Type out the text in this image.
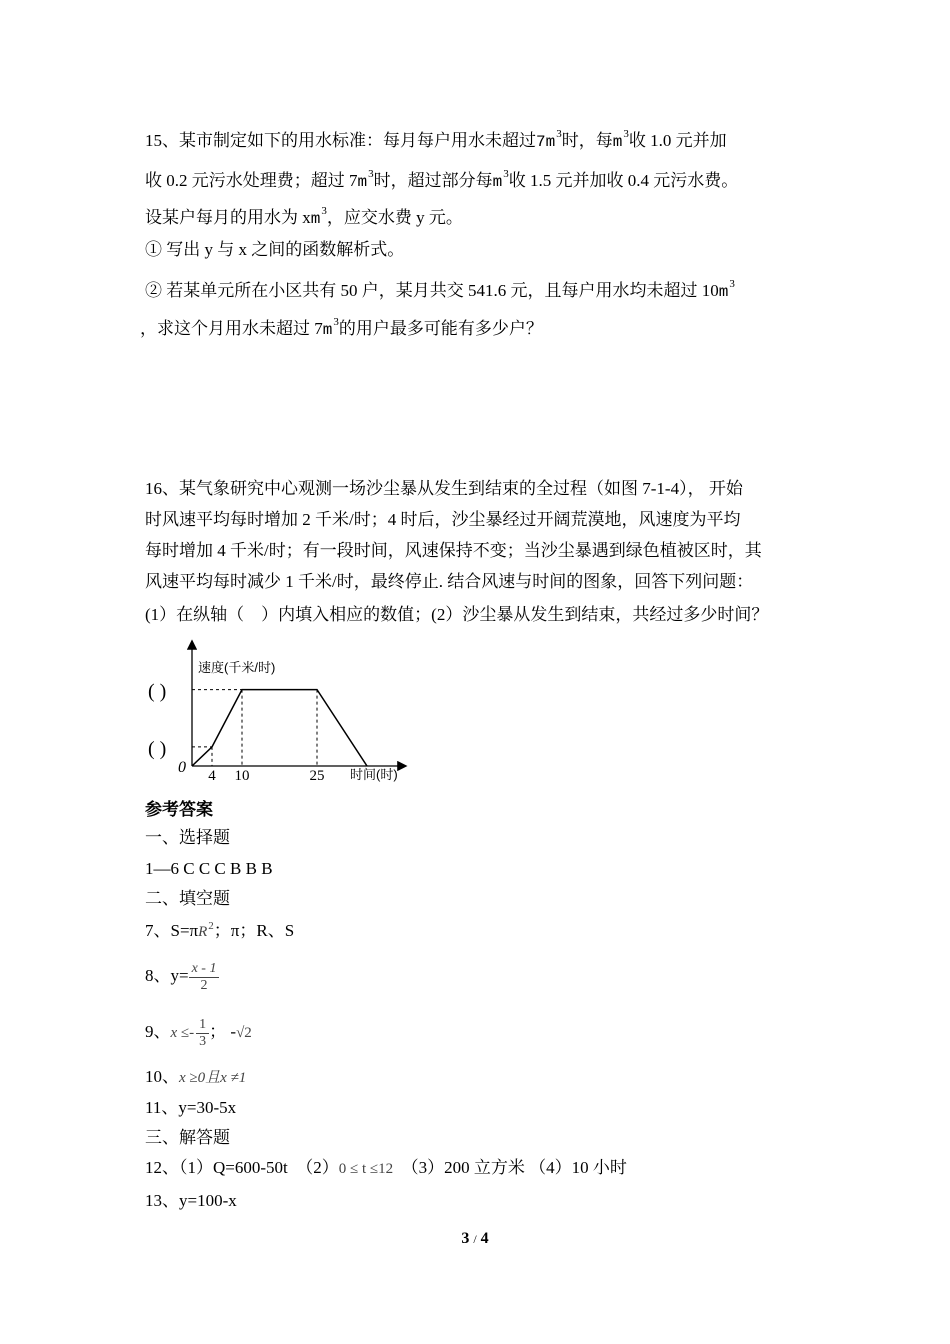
15、某市制定如下的用水标准：每月每户用水未超过$7m^3$时，每$m^3$收 1.0 元并加
收 0.2 元污水处理费；超过 $7m^3$时，超过部分每$m^3$收 1.5 元并加收 0.4 元污水费。
设某户每月的用水为 $xm^3$，应交水费 y 元。
① 写出 y 与 x 之间的函数解析式。
② 若某单元所在小区共有 50 户，某月共交 541.6 元，且每户用水均未超过 $10m^3$
，求这个月用水未超过 $7m^3$的用户最多可能有多少户？
16、某气象研究中心观测一场沙尘暴从发生到结束的全过程（如图 7-1-4）， 开始
时风速平均每时增加 2 千米/时；4 时后，沙尘暴经过开阔荒漠地，风速度为平均
每时增加 4 千米/时；有一段时间，风速保持不变；当沙尘暴遇到绿色植被区时，其
风速平均每时减少 1 千米/时，最终停止. 结合风速与时间的图象，回答下列问题：
(1）在纵轴（　）内填入相应的数值；(2）沙尘暴从发生到结束，共经过多少时间？
速度(千米/时)
时间(时)
0 4 10	25
( )
( )
参考答案
一、选择题
1—6 C C C B B B
二、填空题
7、$S=\pi R^2$；π；R、S
8、$y= \frac{x - 1}{2}$
9、$x \le- \frac{1}{3}$ ； -√2
10、x ≥0且x ≠1
11、y=30-5x
三、解答题
12、（1）Q=600-50t　（2）0 ≤ t ≤12　 （3）200 立方米 （4）10 小时
13、y=100-x
3 / 4
